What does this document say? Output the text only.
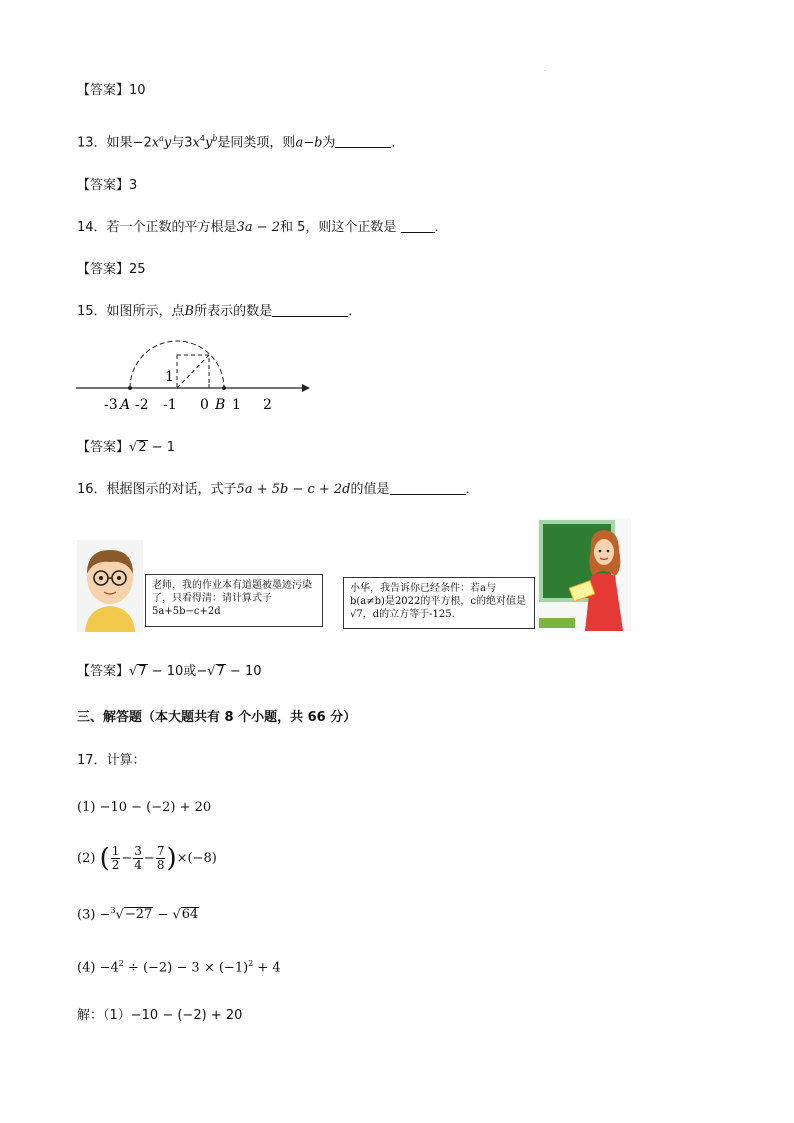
.
【答案】10
13．如果$-2x^ay$与$3x^4y^b$是同类项，则a−b为	．
【答案】3
14．若一个正数的平方根是3a − 2和 5，则这个正数是	．
【答案】25
15．如图所示，点B所表示的数是	．
1
-3 A -2 -1 0 B 1 2
【答案】√2 − 1
16．根据图示的对话，式子5a + 5b − c + 2d的值是	．
老师，我的作业本有道题被墨迹污染了，只看得清：请计算式子5a+5b−c+2d
小华，我告诉你已经条件：若a与b(a≠b)是2022的平方根，c的绝对值是√7，d的立方等于-125.
【答案】√7 − 10或−√7 − 10
三、解答题（本大题共有 8 个小题，共 66 分）
17．计算：
(1) −10 − (−2) + 20
(2) ( $\frac{1}{2} - \frac{3}{4} - \frac{7}{8} )\times(-8)$
(3) −$^3$√−27 − √64
$(4) -4^2 \div (-2) - 3 \times (-1)^2 + 4$
解：（1）−10 − (−2) + 20
